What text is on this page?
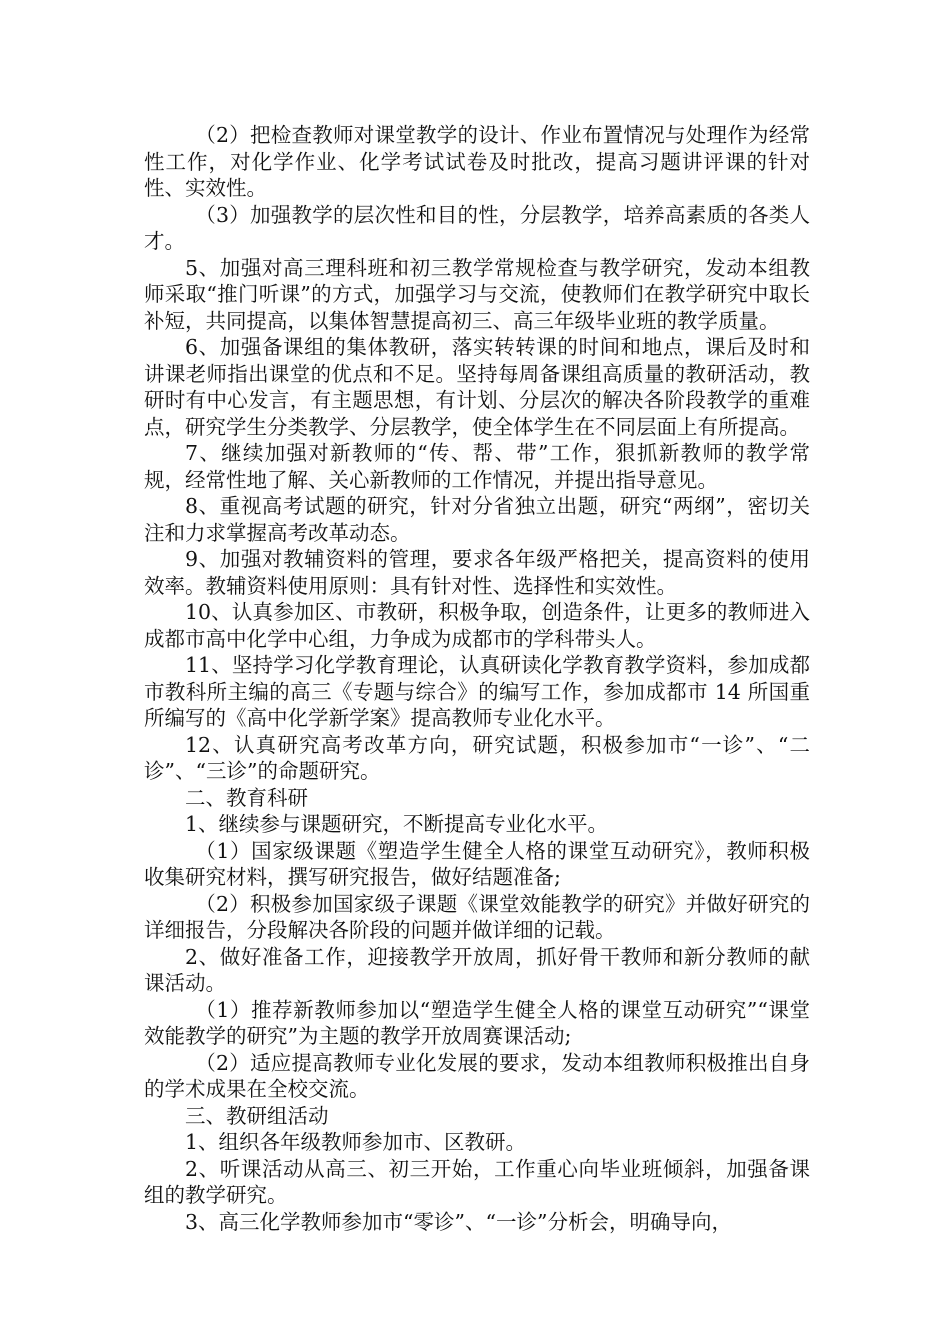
（2）把检查教师对课堂教学的设计、作业布置情况与处理作为经常性工作，对化学作业、化学考试试卷及时批改，提高习题讲评课的针对性、实效性。

（3）加强教学的层次性和目的性，分层教学，培养高素质的各类人才。

5、加强对高三理科班和初三教学常规检查与教学研究，发动本组教师采取“推门听课”的方式，加强学习与交流，使教师们在教学研究中取长补短，共同提高，以集体智慧提高初三、高三年级毕业班的教学质量。

6、加强备课组的集体教研，落实转转课的时间和地点，课后及时和讲课老师指出课堂的优点和不足。坚持每周备课组高质量的教研活动，教研时有中心发言，有主题思想，有计划、分层次的解决各阶段教学的重难点，研究学生分类教学、分层教学，使全体学生在不同层面上有所提高。

7、继续加强对新教师的“传、帮、带”工作，狠抓新教师的教学常规，经常性地了解、关心新教师的工作情况，并提出指导意见。

8、重视高考试题的研究，针对分省独立出题，研究“两纲”，密切关注和力求掌握高考改革动态。

9、加强对教辅资料的管理，要求各年级严格把关，提高资料的使用效率。教辅资料使用原则：具有针对性、选择性和实效性。

10、认真参加区、市教研，积极争取，创造条件，让更多的教师进入成都市高中化学中心组，力争成为成都市的学科带头人。

11、坚持学习化学教育理论，认真研读化学教育教学资料，参加成都市教科所主编的高三《专题与综合》的编写工作，参加成都市 14 所国重所编写的《高中化学新学案》提高教师专业化水平。

12、认真研究高考改革方向，研究试题，积极参加市“一诊”、“二诊”、“三诊”的命题研究。

二、教育科研

1、继续参与课题研究，不断提高专业化水平。

（1）国家级课题《塑造学生健全人格的课堂互动研究》，教师积极收集研究材料，撰写研究报告，做好结题准备;

（2）积极参加国家级子课题《课堂效能教学的研究》并做好研究的详细报告，分段解决各阶段的问题并做详细的记载。

2、做好准备工作，迎接教学开放周，抓好骨干教师和新分教师的献课活动。

（1）推荐新教师参加以“塑造学生健全人格的课堂互动研究”“课堂效能教学的研究”为主题的教学开放周赛课活动;

（2）适应提高教师专业化发展的要求，发动本组教师积极推出自身的学术成果在全校交流。

三、教研组活动

1、组织各年级教师参加市、区教研。

2、听课活动从高三、初三开始，工作重心向毕业班倾斜，加强备课组的教学研究。

3、高三化学教师参加市“零诊”、“一诊”分析会，明确导向，
